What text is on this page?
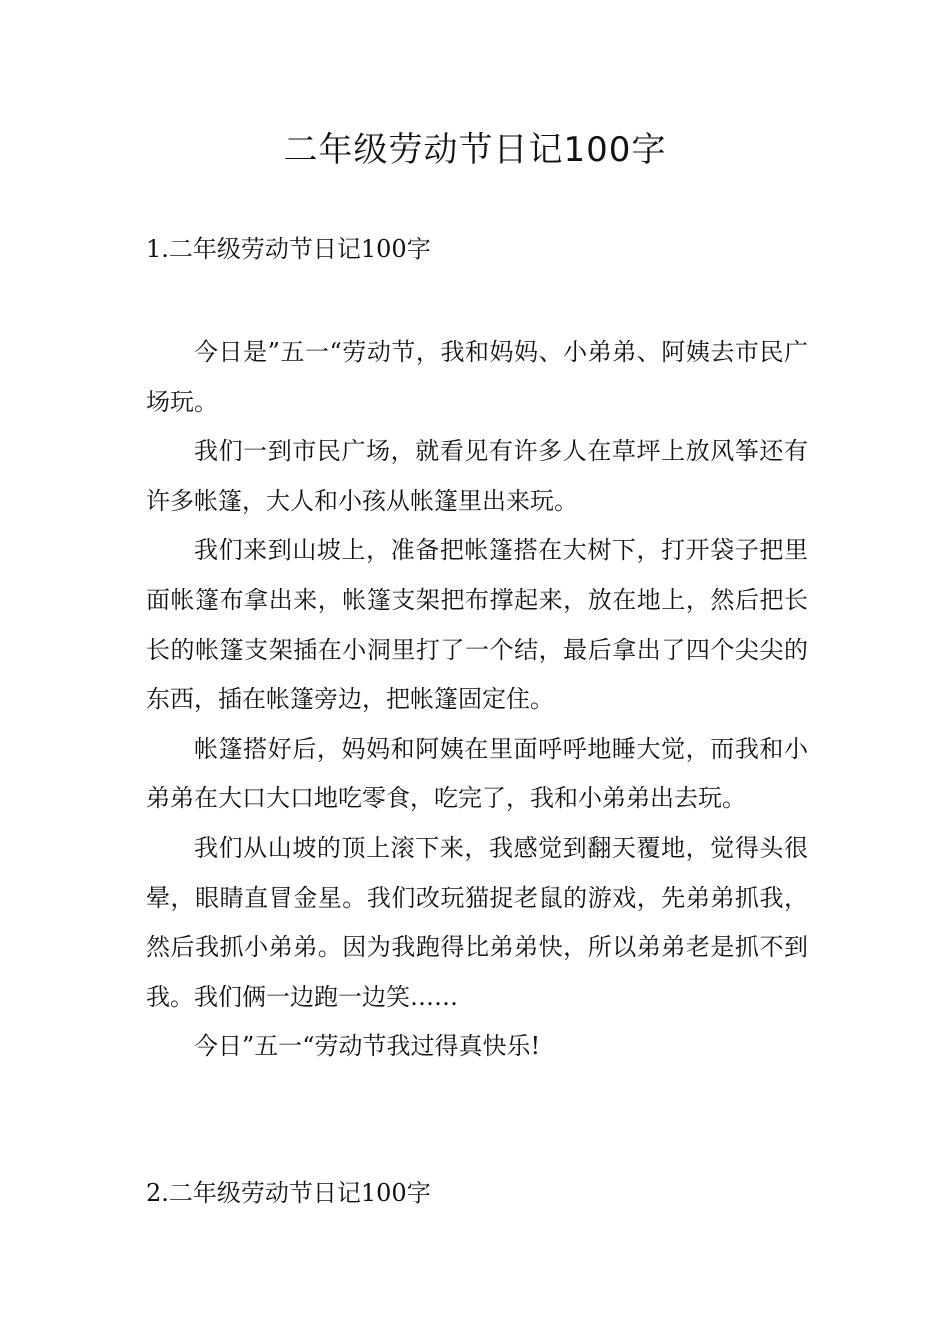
二年级劳动节日记100字
1.二年级劳动节日记100字

今日是”五一“劳动节，我和妈妈、小弟弟、阿姨去市民广场玩。

我们一到市民广场，就看见有许多人在草坪上放风筝还有许多帐篷，大人和小孩从帐篷里出来玩。

我们来到山坡上，准备把帐篷搭在大树下，打开袋子把里面帐篷布拿出来，帐篷支架把布撑起来，放在地上，然后把长长的帐篷支架插在小洞里打了一个结，最后拿出了四个尖尖的东西，插在帐篷旁边，把帐篷固定住。

帐篷搭好后，妈妈和阿姨在里面呼呼地睡大觉，而我和小弟弟在大口大口地吃零食，吃完了，我和小弟弟出去玩。

我们从山坡的顶上滚下来，我感觉到翻天覆地，觉得头很晕，眼睛直冒金星。我们改玩猫捉老鼠的游戏，先弟弟抓我，然后我抓小弟弟。因为我跑得比弟弟快，所以弟弟老是抓不到我。我们俩一边跑一边笑……

今日”五一“劳动节我过得真快乐!

2.二年级劳动节日记100字
